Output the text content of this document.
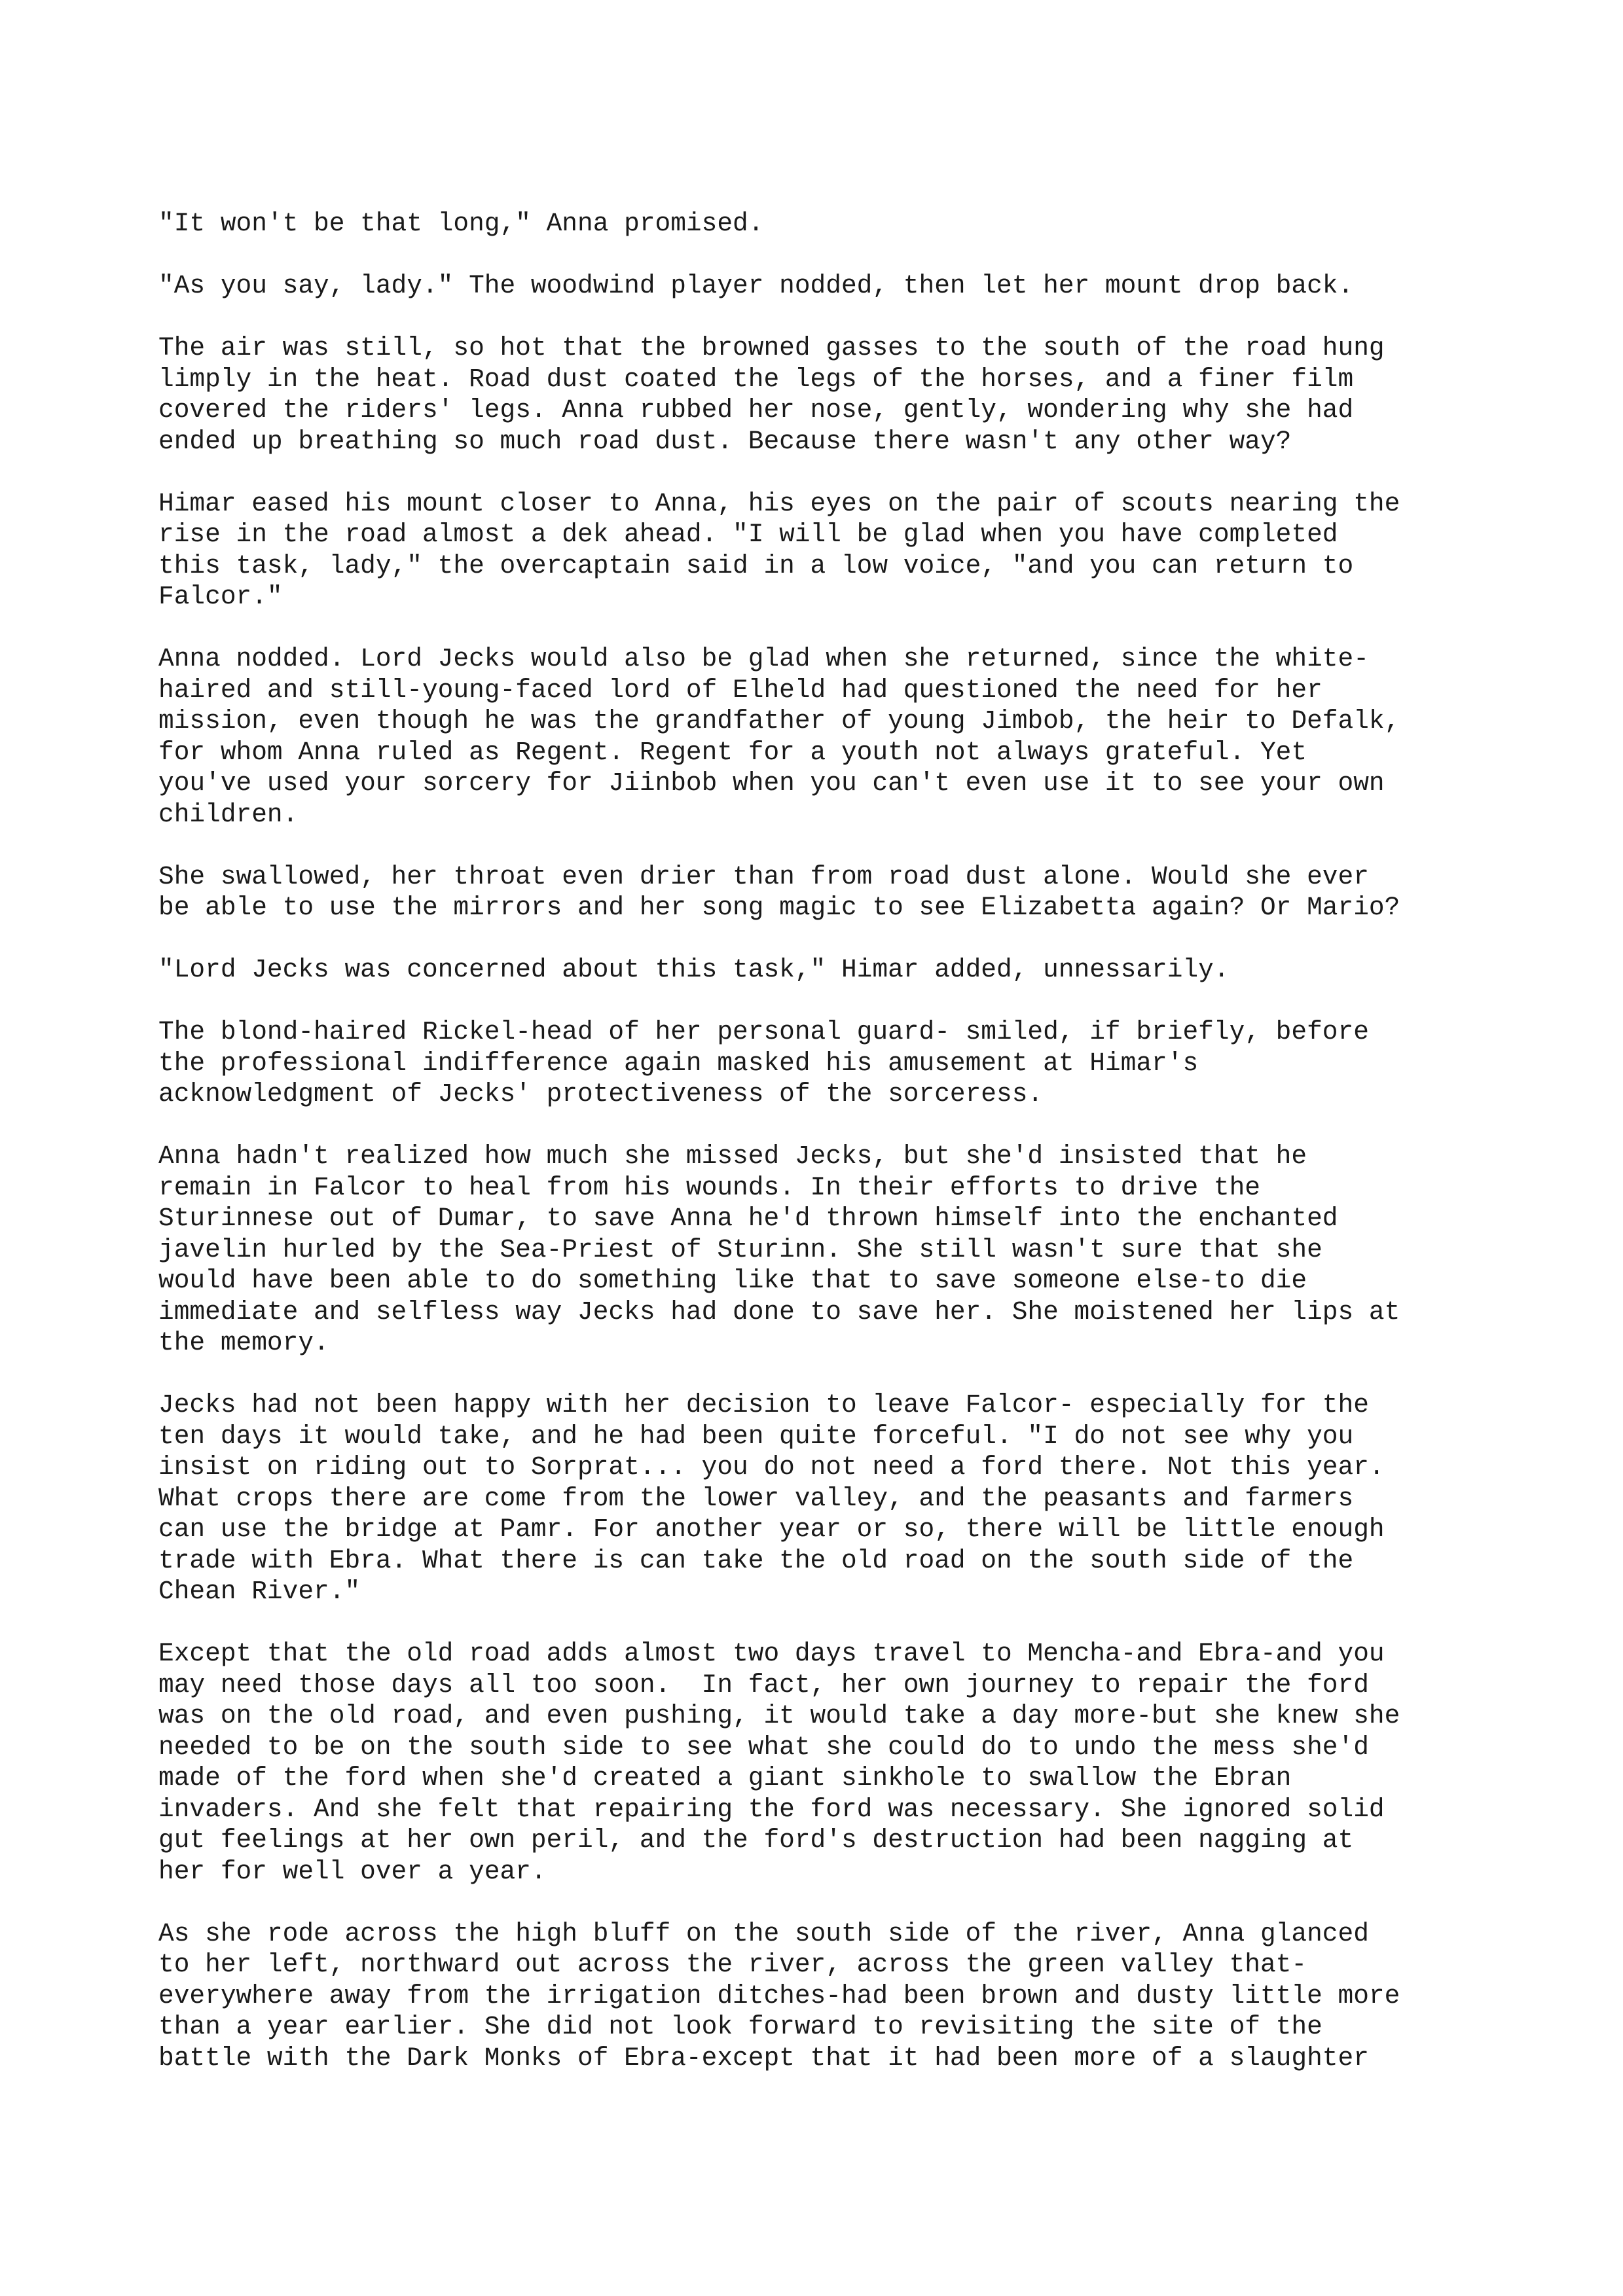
"It won't be that long," Anna promised.
"As you say, lady." The woodwind player nodded, then let her mount drop back.
The air was still, so hot that the browned gasses to the south of the road hung
limply in the heat. Road dust coated the legs of the horses, and a finer film
covered the riders' legs. Anna rubbed her nose, gently, wondering why she had
ended up breathing so much road dust. Because there wasn't any other way?
Himar eased his mount closer to Anna, his eyes on the pair of scouts nearing the
rise in the road almost a dek ahead. "I will be glad when you have completed
this task, lady," the overcaptain said in a low voice, "and you can return to
Falcor."
Anna nodded. Lord Jecks would also be glad when she returned, since the white-
haired and still-young-faced lord of Elheld had questioned the need for her
mission, even though he was the grandfather of young Jimbob, the heir to Defalk,
for whom Anna ruled as Regent. Regent for a youth not always grateful. Yet
you've used your sorcery for Jiinbob when you can't even use it to see your own
children.
She swallowed, her throat even drier than from road dust alone. Would she ever
be able to use the mirrors and her song magic to see Elizabetta again? Or Mario?
"Lord Jecks was concerned about this task," Himar added, unnessarily.
The blond-haired Rickel-head of her personal guard- smiled, if briefly, before
the professional indifference again masked his amusement at Himar's
acknowledgment of Jecks' protectiveness of the sorceress.
Anna hadn't realized how much she missed Jecks, but she'd insisted that he
remain in Falcor to heal from his wounds. In their efforts to drive the
Sturinnese out of Dumar, to save Anna he'd thrown himself into the enchanted
javelin hurled by the Sea-Priest of Sturinn. She still wasn't sure that she
would have been able to do something like that to save someone else-to die
immediate and selfless way Jecks had done to save her. She moistened her lips at
the memory.
Jecks had not been happy with her decision to leave Falcor- especially for the
ten days it would take, and he had been quite forceful. "I do not see why you
insist on riding out to Sorprat... you do not need a ford there. Not this year.
What crops there are come from the lower valley, and the peasants and farmers
can use the bridge at Pamr. For another year or so, there will be little enough
trade with Ebra. What there is can take the old road on the south side of the
Chean River."
Except that the old road adds almost two days travel to Mencha-and Ebra-and you
may need those days all too soon.  In fact, her own journey to repair the ford
was on the old road, and even pushing, it would take a day more-but she knew she
needed to be on the south side to see what she could do to undo the mess she'd
made of the ford when she'd created a giant sinkhole to swallow the Ebran
invaders. And she felt that repairing the ford was necessary. She ignored solid
gut feelings at her own peril, and the ford's destruction had been nagging at
her for well over a year.
As she rode across the high bluff on the south side of the river, Anna glanced
to her left, northward out across the river, across the green valley that-
everywhere away from the irrigation ditches-had been brown and dusty little more
than a year earlier. She did not look forward to revisiting the site of the
battle with the Dark Monks of Ebra-except that it had been more of a slaughter
